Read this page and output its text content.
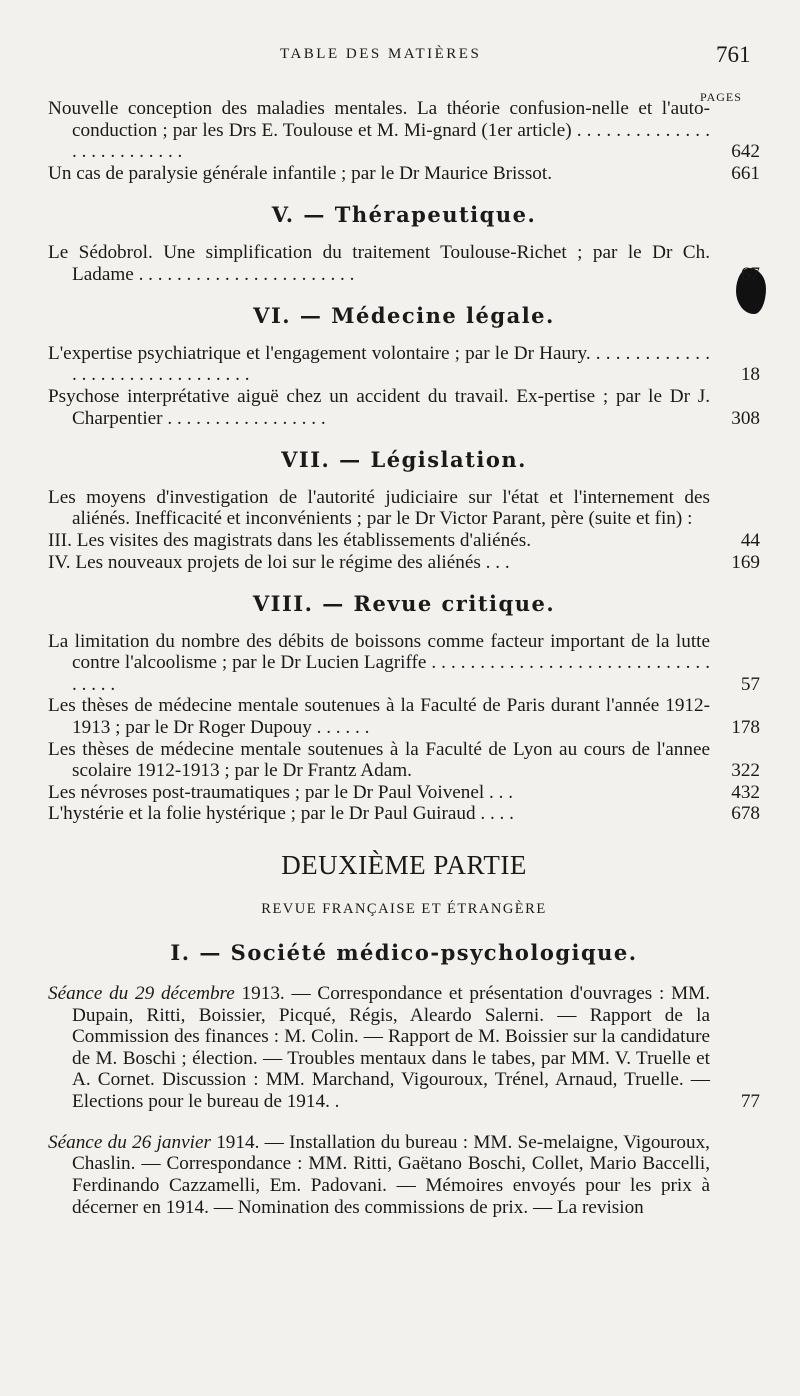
TABLE DES MATIÈRES	761
PAGES

Nouvelle conception des maladies mentales. La théorie confusion-nelle et l'auto-conduction ; par les Drs E. Toulouse et M. Mi-gnard (1er article) . . . . . . . . . . . . . . . . . . . . . . . . . .	642

Un cas de paralysie générale infantile ; par le Dr Maurice Brissot.	661

V. — Thérapeutique.

Le Sédobrol. Une simplification du traitement Toulouse-Richet ; par le Dr Ch. Ladame . . . . . . . . . . . . . . . . . . . . . . .	67

VI. — Médecine légale.

L'expertise psychiatrique et l'engagement volontaire ; par le Dr Haury. . . . . . . . . . . . . . . . . . . . . . . . . . . . . . . .	18

Psychose interprétative aiguë chez un accident du travail. Ex-pertise ; par le Dr J. Charpentier . . . . . . . . . . . . . . . . .	308

VII. — Législation.

Les moyens d'investigation de l'autorité judiciaire sur l'état et l'internement des aliénés. Inefficacité et inconvénients ; par le Dr Victor Parant, père (suite et fin) :

III. Les visites des magistrats dans les établissements d'aliénés.	44

IV. Les nouveaux projets de loi sur le régime des aliénés . . .	169

VIII. — Revue critique.

La limitation du nombre des débits de boissons comme facteur important de la lutte contre l'alcoolisme ; par le Dr Lucien Lagriffe . . . . . . . . . . . . . . . . . . . . . . . . . . . . . . . . . .	57

Les thèses de médecine mentale soutenues à la Faculté de Paris durant l'année 1912-1913 ; par le Dr Roger Dupouy . . . . . .	178

Les thèses de médecine mentale soutenues à la Faculté de Lyon au cours de l'annee scolaire 1912-1913 ; par le Dr Frantz Adam.	322

Les névroses post-traumatiques ; par le Dr Paul Voivenel . . .	432

L'hystérie et la folie hystérique ; par le Dr Paul Guiraud . . . .	678

DEUXIÈME PARTIE
REVUE FRANÇAISE ET ÉTRANGÈRE
I. — Société médico-psychologique.

Séance du 29 décembre 1913. — Correspondance et présentation d'ouvrages : MM. Dupain, Ritti, Boissier, Picqué, Régis, Aleardo Salerni. — Rapport de la Commission des finances : M. Colin. — Rapport de M. Boissier sur la candidature de M. Boschi ; élection. — Troubles mentaux dans le tabes, par MM. V. Truelle et A. Cornet. Discussion : MM. Marchand, Vigouroux, Trénel, Arnaud, Truelle. — Elections pour le bureau de 1914. .	77

Séance du 26 janvier 1914. — Installation du bureau : MM. Se-melaigne, Vigouroux, Chaslin. — Correspondance : MM. Ritti, Gaëtano Boschi, Collet, Mario Baccelli, Ferdinando Cazzamelli, Em. Padovani. — Mémoires envoyés pour les prix à décerner en 1914. — Nomination des commissions de prix. — La revision
